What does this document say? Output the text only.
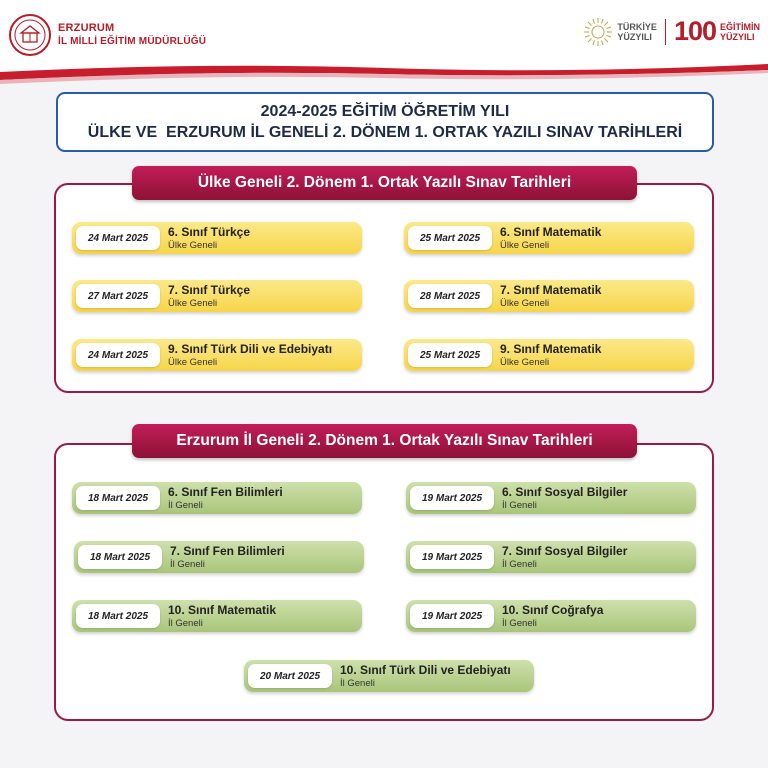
ERZURUM
İL MİLLİ EĞİTİM MÜDÜRLÜĞÜ
TÜRKİYE
YÜZYILI 100 EĞİTİMİN
YÜZYILI
2024-2025 EĞİTİM ÖĞRETİM YILI
ÜLKE VE  ERZURUM İL GENELİ 2. DÖNEM 1. ORTAK YAZILI SINAV TARİHLERİ
Ülke Geneli 2. Dönem 1. Ortak Yazılı Sınav Tarihleri
24 Mart 2025	6. Sınıf Türkçe
Ülke Geneli
25 Mart 2025	6. Sınıf Matematik
Ülke Geneli
27 Mart 2025	7. Sınıf Türkçe
Ülke Geneli
28 Mart 2025	7. Sınıf Matematik
Ülke Geneli
24 Mart 2025	9. Sınıf Türk Dili ve Edebiyatı
Ülke Geneli
25 Mart 2025	9. Sınıf Matematik
Ülke Geneli
Erzurum İl Geneli 2. Dönem 1. Ortak Yazılı Sınav Tarihleri
18 Mart 2025	6. Sınıf Fen Bilimleri
İl Geneli
19 Mart 2025	6. Sınıf Sosyal Bilgiler
İl Geneli
18 Mart 2025	7. Sınıf Fen Bilimleri
İl Geneli
19 Mart 2025	7. Sınıf Sosyal Bilgiler
İl Geneli
18 Mart 2025	10. Sınıf Matematik
İl Geneli
19 Mart 2025	10. Sınıf Coğrafya
İl Geneli
20 Mart 2025	10. Sınıf Türk Dili ve Edebiyatı
İl Geneli
